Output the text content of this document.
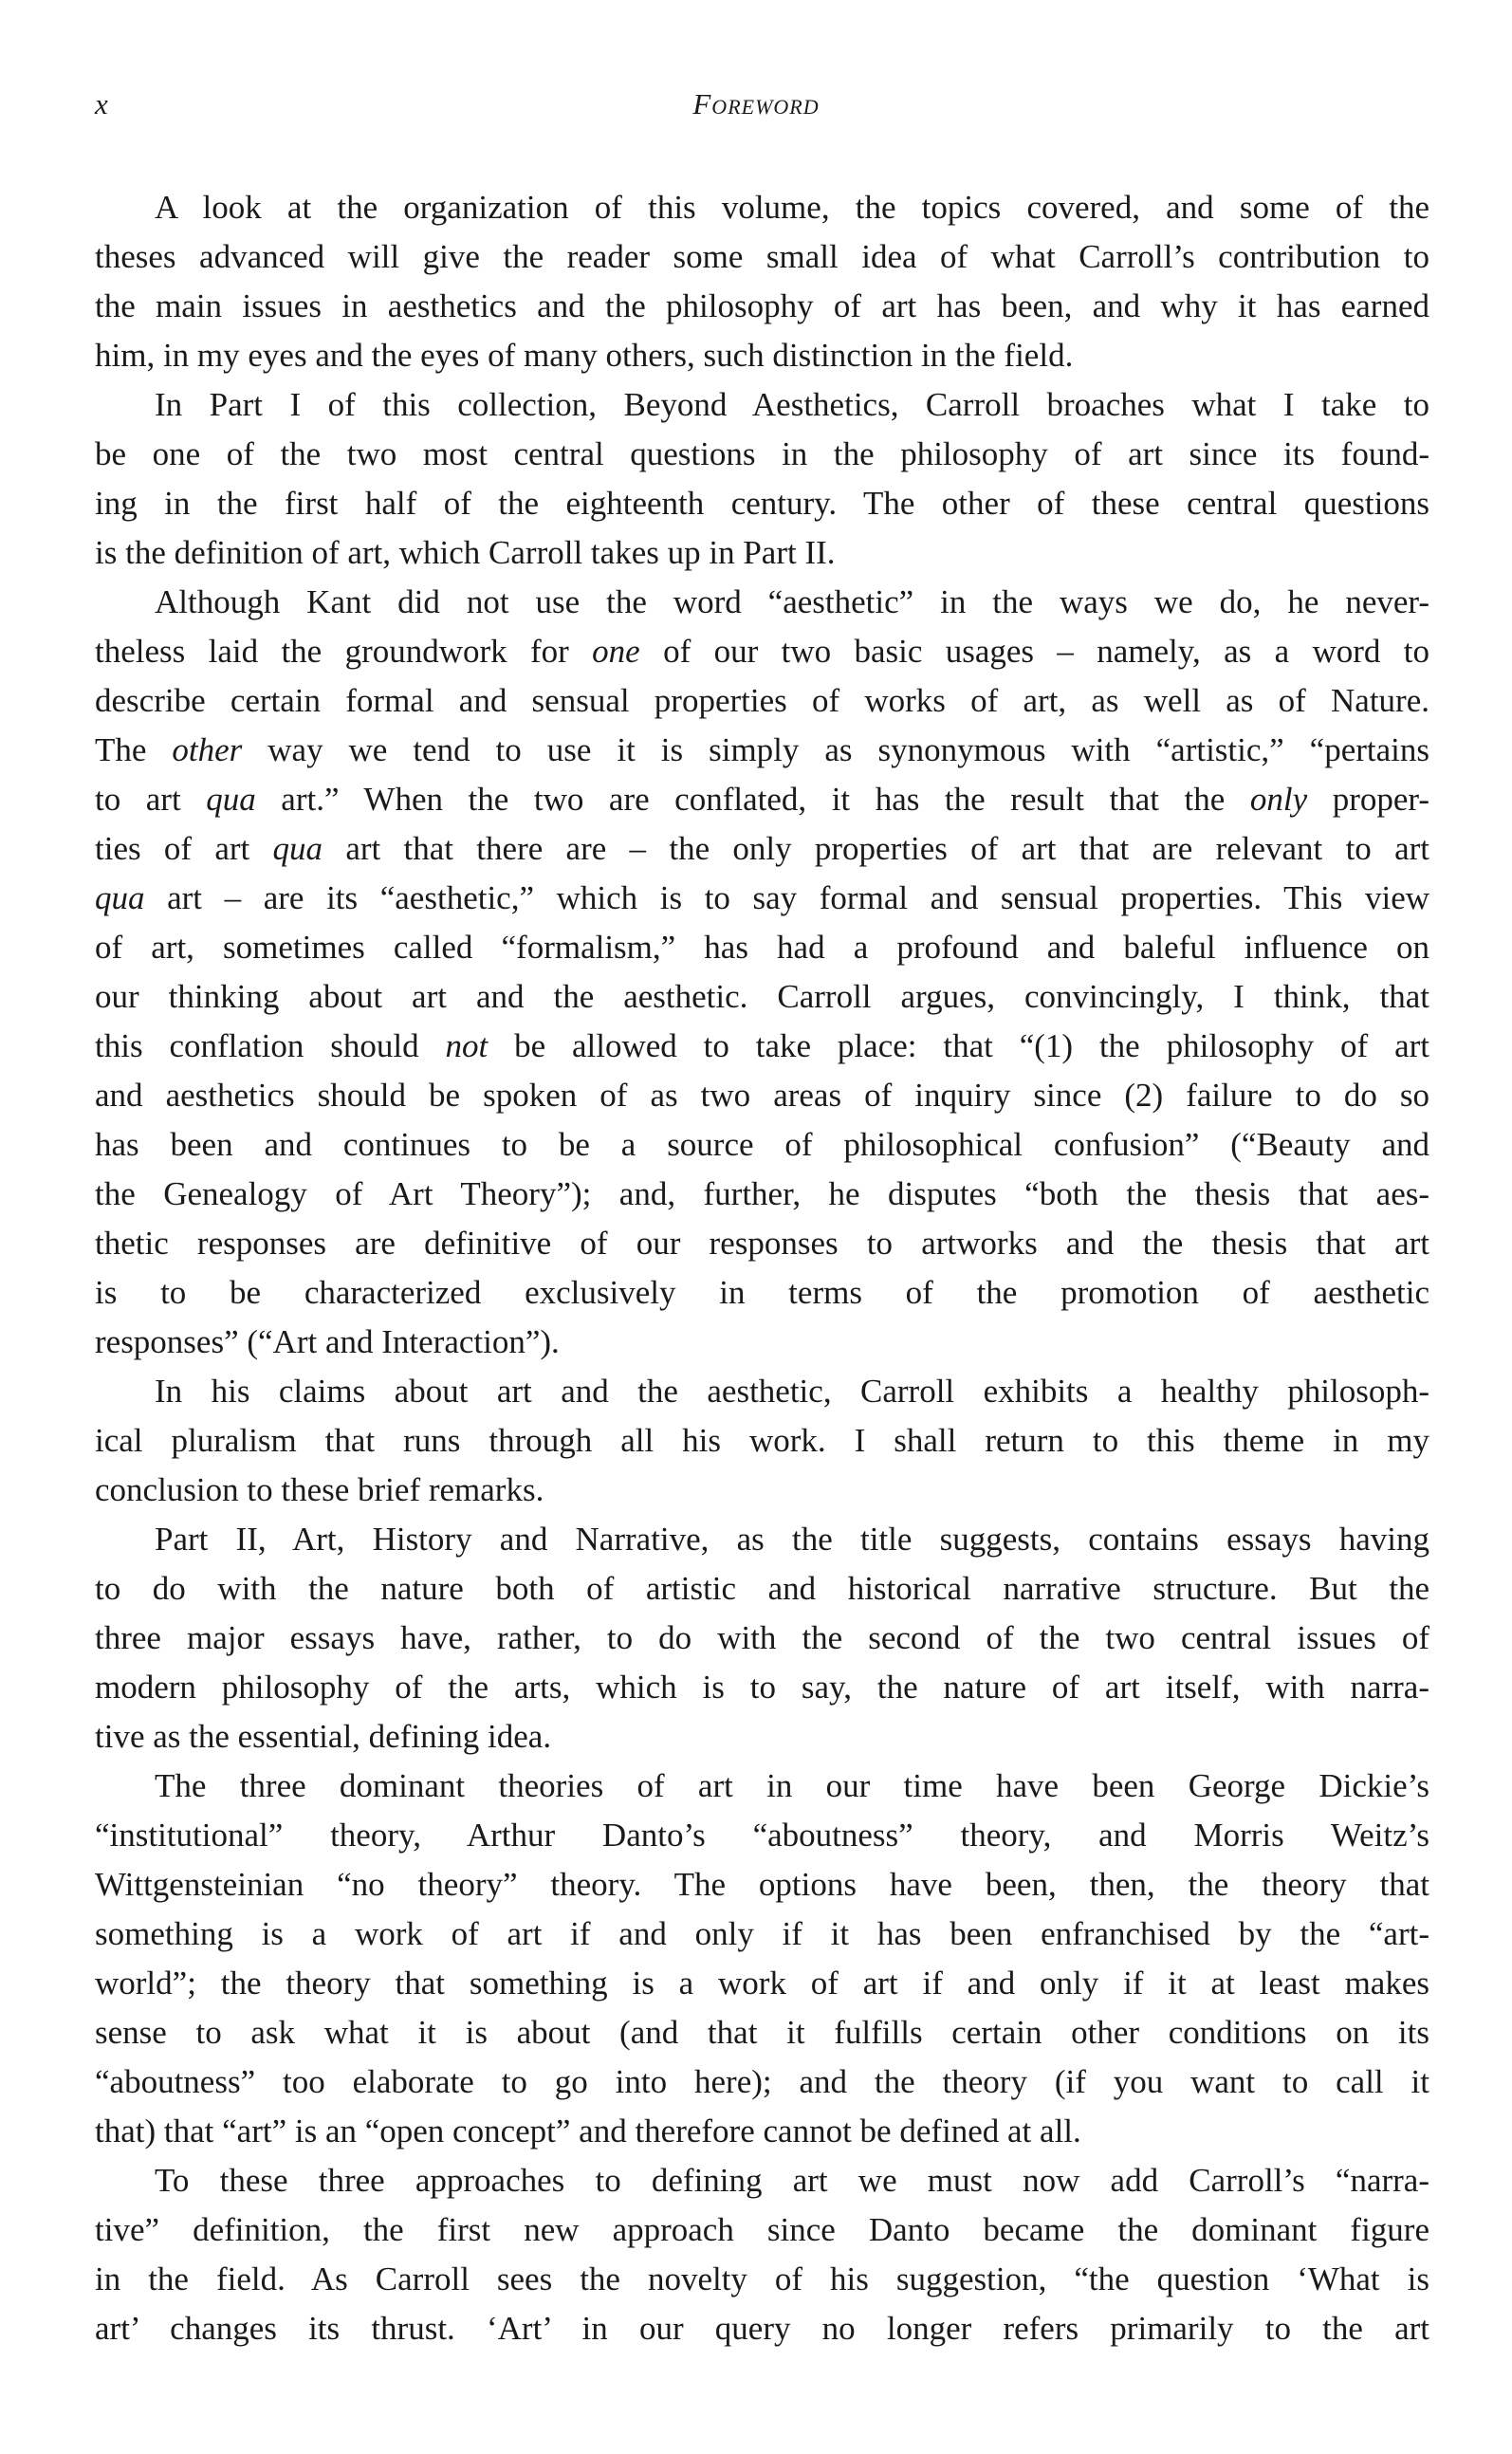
x	Foreword
A look at the organization of this volume, the topics covered, and some of the
theses advanced will give the reader some small idea of what Carroll’s contribution to
the main issues in aesthetics and the philosophy of art has been, and why it has earned
him, in my eyes and the eyes of many others, such distinction in the field.
In Part I of this collection, Beyond Aesthetics, Carroll broaches what I take to
be one of the two most central questions in the philosophy of art since its found-
ing in the first half of the eighteenth century. The other of these central questions
is the definition of art, which Carroll takes up in Part II.
Although Kant did not use the word “aesthetic” in the ways we do, he never-
theless laid the groundwork for one of our two basic usages – namely, as a word to
describe certain formal and sensual properties of works of art, as well as of Nature.
The other way we tend to use it is simply as synonymous with “artistic,” “pertains
to art qua art.” When the two are conflated, it has the result that the only proper-
ties of art qua art that there are – the only properties of art that are relevant to art
qua art – are its “aesthetic,” which is to say formal and sensual properties. This view
of art, sometimes called “formalism,” has had a profound and baleful influence on
our thinking about art and the aesthetic. Carroll argues, convincingly, I think, that
this conflation should not be allowed to take place: that “(1) the philosophy of art
and aesthetics should be spoken of as two areas of inquiry since (2) failure to do so
has been and continues to be a source of philosophical confusion” (“Beauty and
the Genealogy of Art Theory”); and, further, he disputes “both the thesis that aes-
thetic responses are definitive of our responses to artworks and the thesis that art
is to be characterized exclusively in terms of the promotion of aesthetic
responses” (“Art and Interaction”).
In his claims about art and the aesthetic, Carroll exhibits a healthy philosoph-
ical pluralism that runs through all his work. I shall return to this theme in my
conclusion to these brief remarks.
Part II, Art, History and Narrative, as the title suggests, contains essays having
to do with the nature both of artistic and historical narrative structure. But the
three major essays have, rather, to do with the second of the two central issues of
modern philosophy of the arts, which is to say, the nature of art itself, with narra-
tive as the essential, defining idea.
The three dominant theories of art in our time have been George Dickie’s
“institutional” theory, Arthur Danto’s “aboutness” theory, and Morris Weitz’s
Wittgensteinian “no theory” theory. The options have been, then, the theory that
something is a work of art if and only if it has been enfranchised by the “art-
world”; the theory that something is a work of art if and only if it at least makes
sense to ask what it is about (and that it fulfills certain other conditions on its
“aboutness” too elaborate to go into here); and the theory (if you want to call it
that) that “art” is an “open concept” and therefore cannot be defined at all.
To these three approaches to defining art we must now add Carroll’s “narra-
tive” definition, the first new approach since Danto became the dominant figure
in the field. As Carroll sees the novelty of his suggestion, “the question ‘What is
art’ changes its thrust. ‘Art’ in our query no longer refers primarily to the art
